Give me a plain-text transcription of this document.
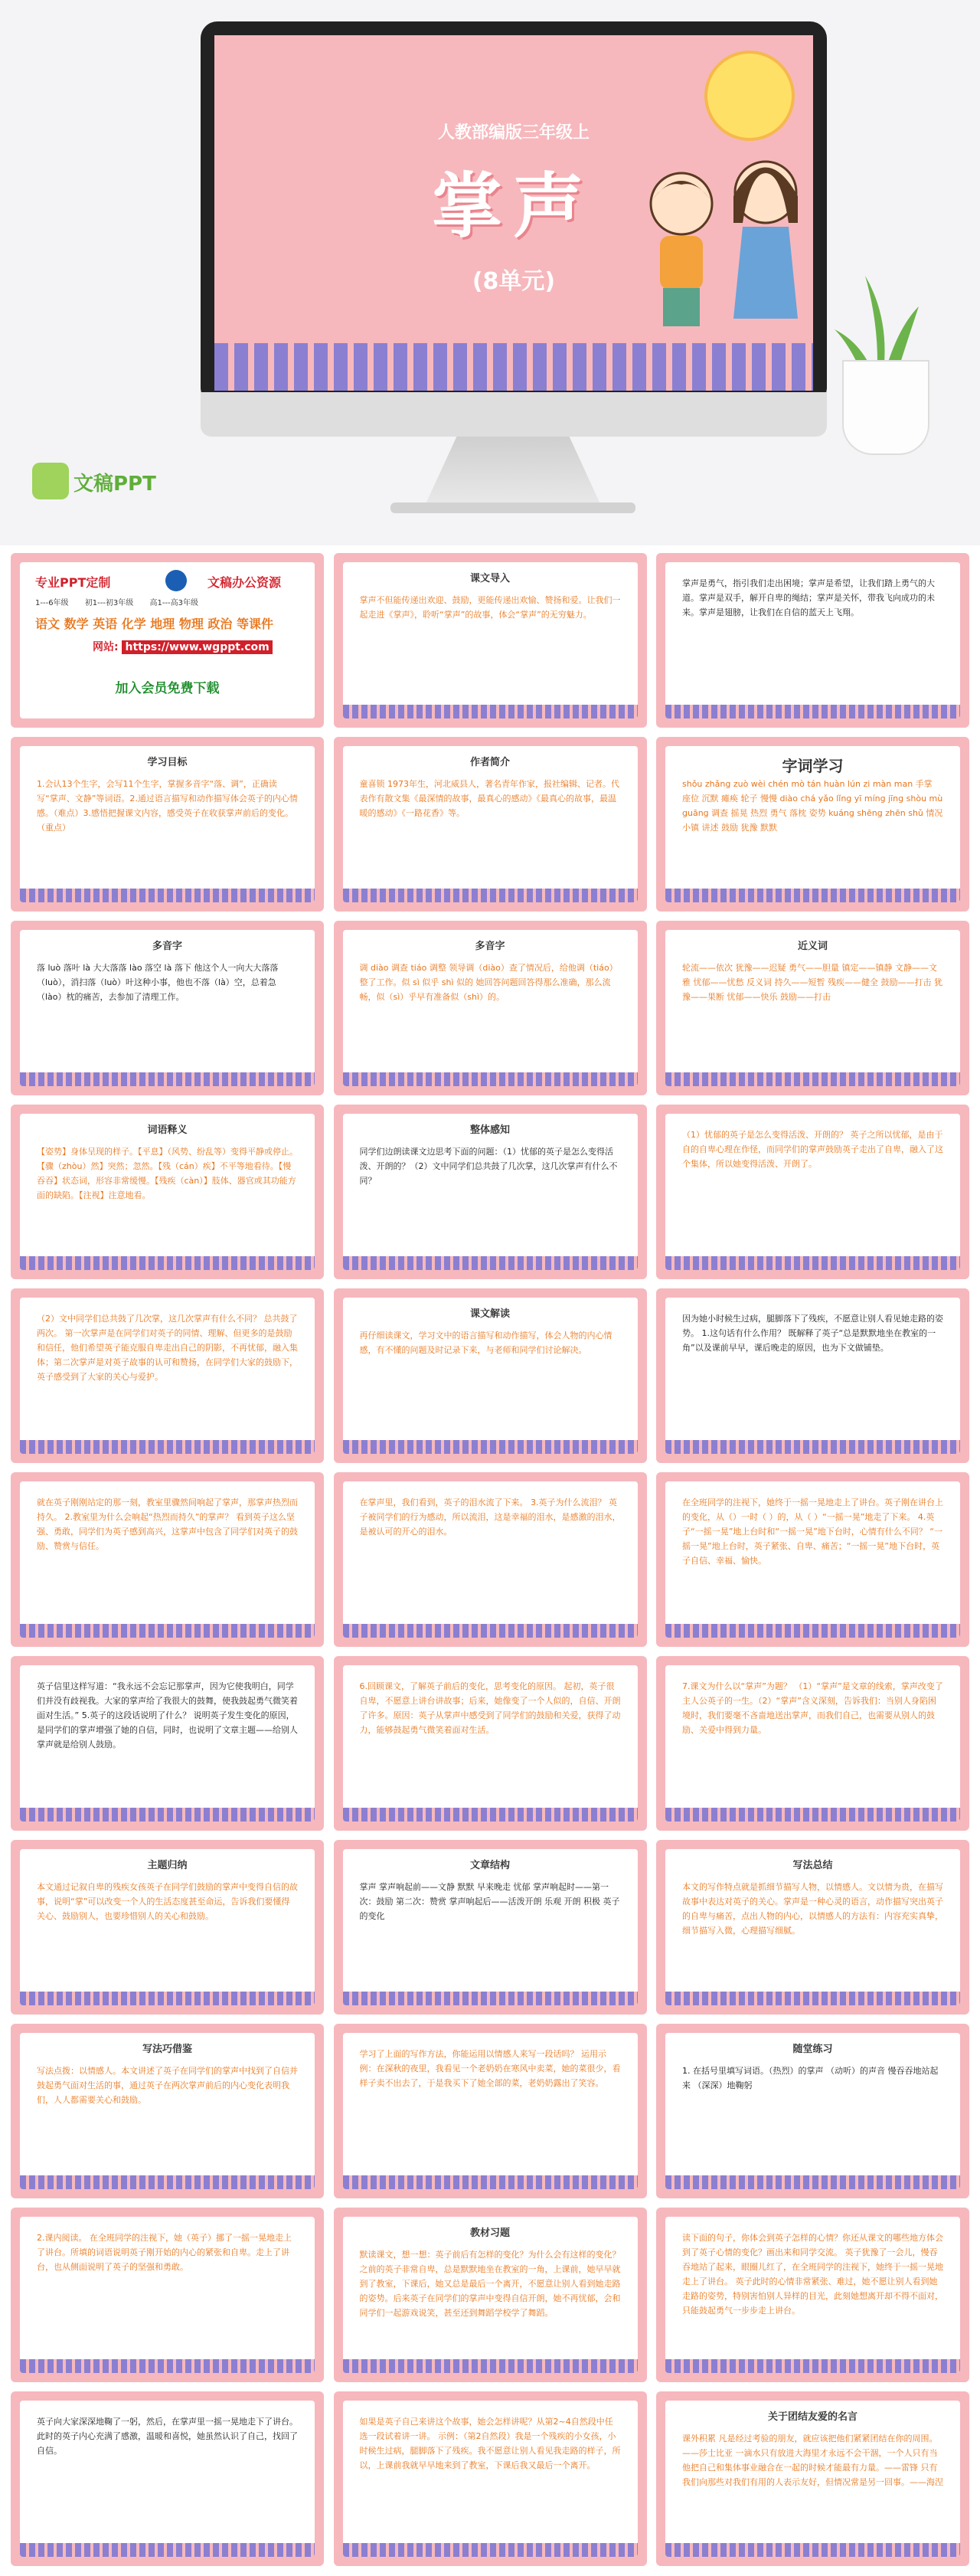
人教部编版三年级上
掌声
(8单元)
文稿PPT
专业PPT定制	文稿办公资源
1---6年级 初1---初3年级 高1---高3年级
语文 数学 英语 化学 地理 物理 政治 等课件
网站: https://www.wgppt.com
加入会员免费下载
课文导入
掌声不但能传递出欢迎、鼓励，更能传递出欢愉、赞扬和爱。让我们一起走进《掌声》，聆听“掌声”的故事，体会“掌声”的无穷魅力。
掌声是勇气，指引我们走出困境；掌声是希望，让我们踏上勇气的大道。掌声是双手，解开自卑的绳结；掌声是关怀，带我飞向成功的未来。掌声是翅膀，让我们在自信的蓝天上飞翔。
学习目标
1.会认13个生字，会写11个生字，掌握多音字“落、调”，正确读写“掌声、文静”等词语。2.通过语言描写和动作描写体会英子的内心情感。（难点）3.感悟把握课文内容，感受英子在收获掌声前后的变化。（重点）
作者简介
童喜锁 1973年生，河北威县人，著名青年作家，报社编辑、记者。代表作有散文集《最深情的故事，最真心的感动》《最真心的故事，最温暖的感动》《一路花香》等。
字词学习
shǒu zhǎng zuò wèi chén mò tán huàn lún zi màn man 手掌 座位 沉默 瘫痪 轮子 慢慢 diào chá yǎo lǐng yī míng jīng shòu mù guāng 调查 摇晃 热烈 勇气 落枕 姿势 kuáng shēng zhēn shǔ 情况 小镇 讲述 鼓励 犹豫 默默
多音字
落 luò 落叶 là 大大落落 lào 落空 là 落下 他这个人一向大大落落（luò），消扫落（luò）叶这种小事，他也不落（là）空，总着急（lào）枕的痛苦，去参加了清理工作。
多音字
调 diào 调查 tiáo 调整 领导调（diào）查了情况后，给他调（tiáo）整了工作。似 sì 似乎 shì 似的 她回答问题回答得那么准确，那么流畅，似（sì）乎早有准备似（shì）的。
近义词
轮流——依次 犹豫——迟疑 勇气——胆量 镇定——镇静 文静——文雅 忧郁——忧愁 反义词 持久——短暂 残疾——健全 鼓励——打击 犹豫——果断 忧郁——快乐 鼓励——打击
词语释义
【姿势】身体呈现的样子。【平息】（风势、纷乱等）变得平静或停止。【骤（zhòu）然】突然；忽然。【残（cán）疾】不平等地看待。【慢吞吞】状态词，形容非常缓慢。【残疾（càn）】肢体、器官或其功能方面的缺陷。【注视】注意地看。
整体感知
同学们边朗读课文边思考下面的问题：（1）忧郁的英子是怎么变得活泼、开朗的？（2）文中同学们总共鼓了几次掌，这几次掌声有什么不同？
（1）忧郁的英子是怎么变得活泼、开朗的？ 英子之所以忧郁，是由于自的自卑心理在作怪，而同学们的掌声鼓励英子走出了自卑，融入了这个集体，所以她变得活泼、开朗了。
（2）文中同学们总共鼓了几次掌，这几次掌声有什么不同？ 总共鼓了两次。 第一次掌声是在同学们对英子的同情、理解、但更多的是鼓励和信任，他们希望英子能克服自卑走出自己的阴影，不再忧郁，融入集体；第二次掌声是对英子故事的认可和赞扬，在同学们大家的鼓励下，英子感受到了大家的关心与爱护。
课文解读
再仔细读课文，学习文中的语言描写和动作描写，体会人物的内心情感，有不懂的问题及时记录下来，与老师和同学们讨论解决。
因为她小时候生过病，腿脚落下了残疾，不愿意让别人看见她走路的姿势。 1.这句话有什么作用？ 既解释了英子“总是默默地坐在教室的一角”以及课前早早，课后晚走的原因，也为下文做铺垫。
就在英子刚刚站定的那一刻，教室里骤然间响起了掌声，那掌声热烈而持久。 2.教室里为什么会响起“热烈而持久”的掌声？ 看到英子这么坚强、勇敢，同学们为英子感到高兴，这掌声中包含了同学们对英子的鼓励、赞赏与信任。
在掌声里，我们看到，英子的泪水流了下来。 3.英子为什么流泪？ 英子被同学们的行为感动，所以流泪，这是幸福的泪水，是感激的泪水，是被认可的开心的泪水。
在全班同学的注视下，她终于一摇一晃地走上了讲台。英子刚在讲台上的变化，从（）一时（ ）的，从（ ）“一摇一晃”地走了下来。 4.英子“一摇一晃”地上台时和“一摇一晃”地下台时，心情有什么不同？ “一摇一晃”地上台时，英子紧张、自卑、痛苦；“一摇一晃”地下台时，英子自信、幸福、愉快。
英子信里这样写道：“我永远不会忘记那掌声，因为它使我明白，同学们并没有歧视我。大家的掌声给了我很大的鼓舞，使我鼓起勇气微笑着面对生活。” 5.英子的这段话说明了什么？ 说明英子发生变化的原因，是同学们的掌声增强了她的自信，同时，也说明了文章主题——给别人掌声就是给别人鼓励。
6.回顾课文，了解英子前后的变化，思考变化的原因。 起初，英子很自卑，不愿意上讲台讲故事；后来，她像变了一个人似的，自信、开朗了许多。原因：英子从掌声中感受到了同学们的鼓励和关爱，获得了动力，能够鼓起勇气微笑着面对生活。
7.课文为什么以“掌声”为题？ （1）“掌声”是文章的线索，掌声改变了主人公英子的一生。（2）“掌声”含义深刻，告诉我们：当别人身陷困境时，我们要毫不吝啬地送出掌声，而我们自己，也需要从别人的鼓励、关爱中得到力量。
主题归纳
本文通过记叙自卑的残疾女孩英子在同学们鼓励的掌声中变得自信的故事，说明“掌”可以改变一个人的生活态度甚至命运，告诉我们要懂得关心、鼓励别人，也要珍惜别人的关心和鼓励。
文章结构
掌声 掌声响起前——文静 默默 早来晚走 忧郁 掌声响起时——第一次：鼓励 第二次：赞赏 掌声响起后——活泼开朗 乐观 开朗 积极 英子的变化
写法总结
本文的写作特点就是抓细节描写人物，以情感人。文以情为贵，在描写故事中表达对英子的关心。掌声是一种心灵的语言，动作描写突出英子的自卑与痛苦，点出人物的内心，以情感人的方法有：内容充实真挚，细节描写入微，心理描写细腻。
写法巧借鉴
写法点拨：以情感人。本文讲述了英子在同学们的掌声中找到了自信并鼓起勇气面对生活的事，通过英子在两次掌声前后的内心变化表明我们，人人都需要关心和鼓励。
学习了上面的写作方法，你能运用以情感人来写一段话吗？ 运用示例：在深秋的夜里，我看见一个老奶奶在寒风中卖菜，她的菜很少，看样子卖不出去了，于是我买下了她全部的菜，老奶奶露出了笑容。
随堂练习
1. 在括号里填写词语。（热烈）的掌声 （动听）的声音 慢吞吞地站起来 （深深）地鞠躬
2.课内阅读。 在全班同学的注视下，她（英子）挪了一摇一晃地走上了讲台。所填的词语说明英子刚开始的内心的紧张和自卑。走上了讲台，也从侧面说明了英子的坚强和勇敢。
教材习题
默读课文，想一想：英子前后有怎样的变化？为什么会有这样的变化？ 之前的英子非常自卑，总是默默地坐在教室的一角，上课前，她早早就到了教室，下课后，她又总是最后一个离开，不愿意让别人看到她走路的姿势。后来英子在同学们的掌声中变得自信开朗，她不再忧郁，会和同学们一起游戏说笑，甚至还到舞蹈学校学了舞蹈。
读下面的句子，你体会到英子怎样的心情？你还从课文的哪些地方体会到了英子心情的变化？画出来和同学交流。 英子犹豫了一会儿，慢吞吞地站了起来，眼圈儿红了，在全班同学的注视下，她终于一摇一晃地走上了讲台。 英子此时的心情非常紧张、难过，她不愿让别人看到她走路的姿势，特别害怕别人异样的目光，此刻她想离开却不得不面对，只能鼓起勇气一步步走上讲台。
英子向大家深深地鞠了一躬，然后，在掌声里一摇一晃地走下了讲台。 此时的英子内心充满了感激，温暖和喜悦，她虽然认识了自己，找回了自信。
如果是英子自己来讲这个故事，她会怎样讲呢？从第2~4自然段中任选一段试着讲一讲。 示例：（第2自然段）我是一个残疾的小女孩，小时候生过病，腿脚落下了残疾。我不愿意让别人看见我走路的样子，所以，上课前我就早早地来到了教室，下课后我又最后一个离开。
关于团结友爱的名言
课外积累 凡是经过考验的朋友，就应该把他们紧紧团结在你的周围。——莎士比亚 一滴水只有放进大海里才永远不会干涸，一个人只有当他把自己和集体事业融合在一起的时候才能最有力量。——雷锋 只有我们向那些对我们有用的人表示友好，但情况常是另一回事。——海涅
